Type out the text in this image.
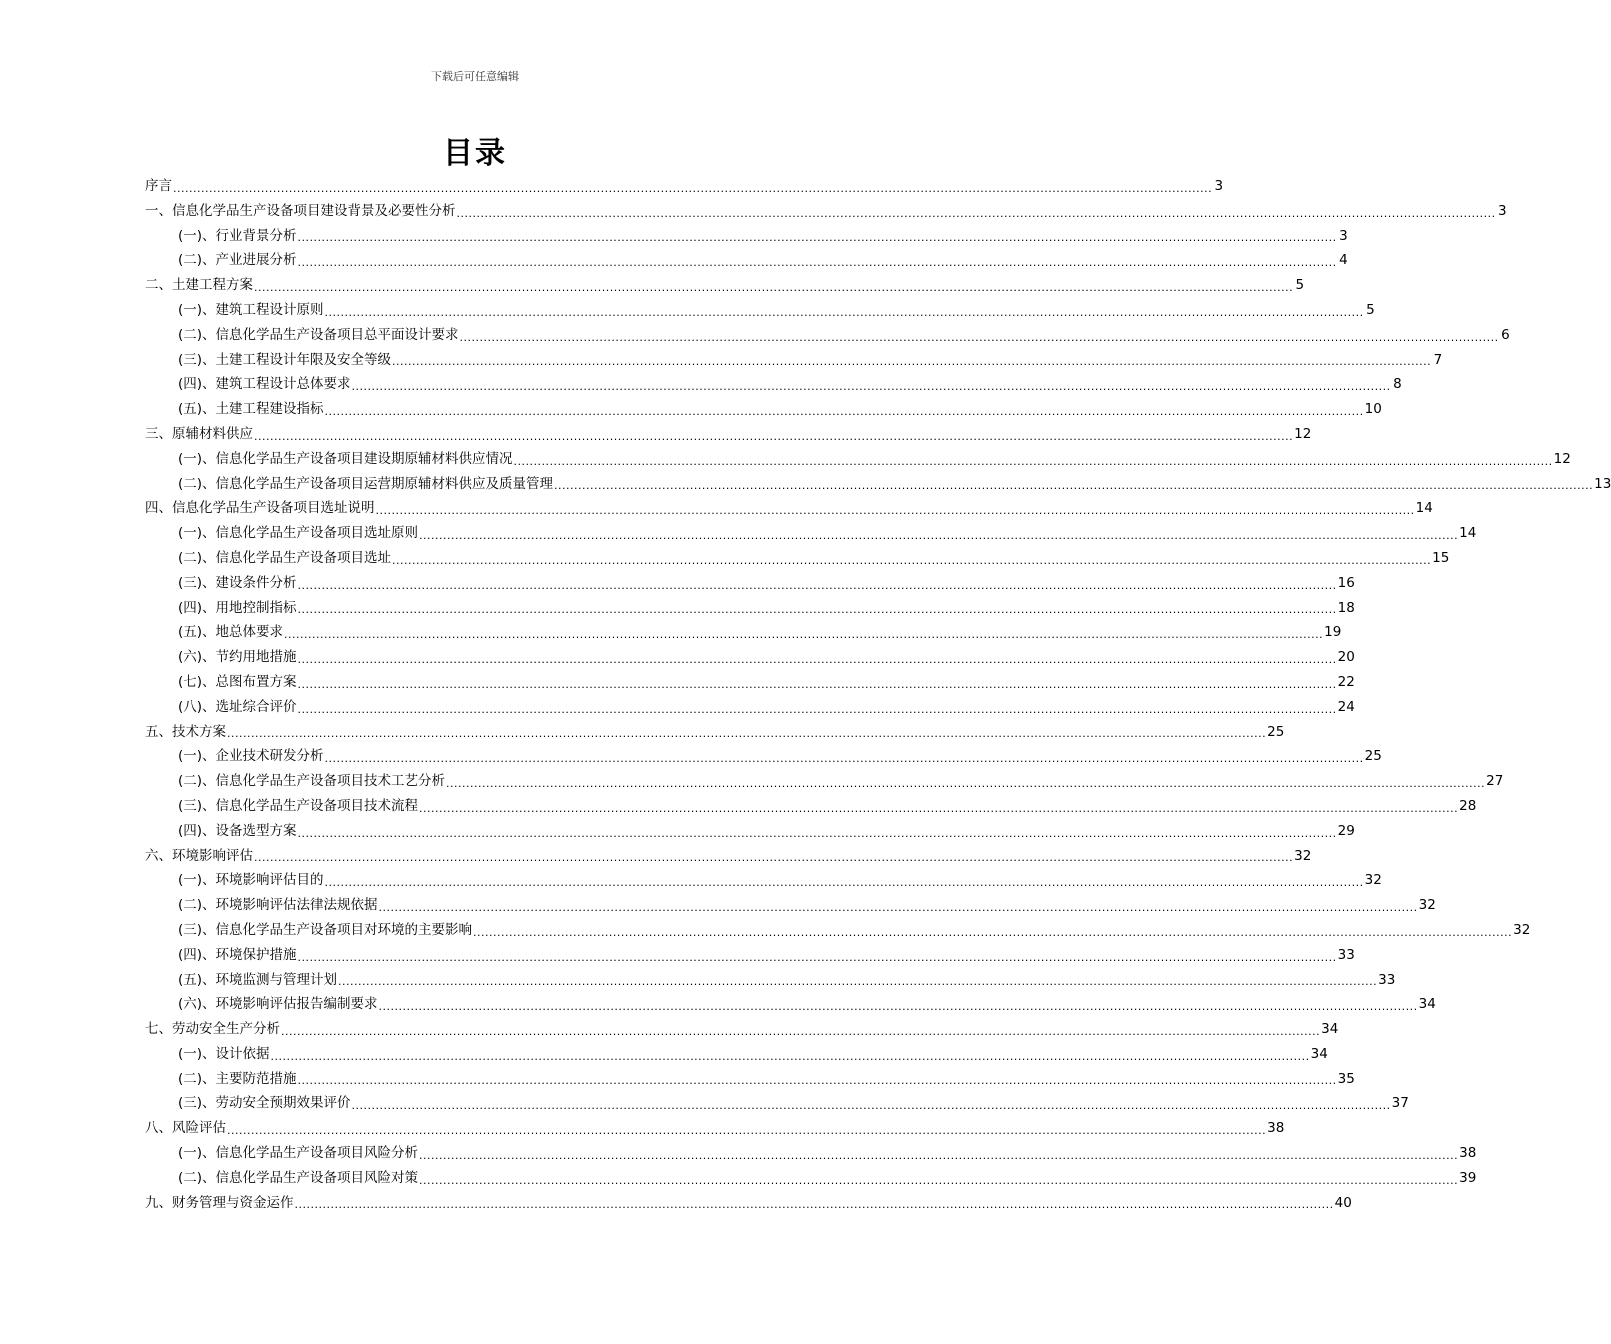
下载后可任意编辑
目录
序言 .................................................................................................................................................................................................................................................................... 3
一、信息化学品生产设备项目建设背景及必要性分析 .................................................................................................................................................................................................................................................................... 3
(一)、行业背景分析 .................................................................................................................................................................................................................................................................... 3
(二)、产业进展分析 .................................................................................................................................................................................................................................................................... 4
二、土建工程方案 .................................................................................................................................................................................................................................................................... 5
(一)、建筑工程设计原则 .................................................................................................................................................................................................................................................................... 5
(二)、信息化学品生产设备项目总平面设计要求 .................................................................................................................................................................................................................................................................... 6
(三)、土建工程设计年限及安全等级 .................................................................................................................................................................................................................................................................... 7
(四)、建筑工程设计总体要求 .................................................................................................................................................................................................................................................................... 8
(五)、土建工程建设指标 .................................................................................................................................................................................................................................................................... 10
三、原辅材料供应 .................................................................................................................................................................................................................................................................... 12
(一)、信息化学品生产设备项目建设期原辅材料供应情况 .................................................................................................................................................................................................................................................................... 12
(二)、信息化学品生产设备项目运营期原辅材料供应及质量管理 .................................................................................................................................................................................................................................................................... 13
四、信息化学品生产设备项目选址说明 .................................................................................................................................................................................................................................................................... 14
(一)、信息化学品生产设备项目选址原则 .................................................................................................................................................................................................................................................................... 14
(二)、信息化学品生产设备项目选址 .................................................................................................................................................................................................................................................................... 15
(三)、建设条件分析 .................................................................................................................................................................................................................................................................... 16
(四)、用地控制指标 .................................................................................................................................................................................................................................................................... 18
(五)、地总体要求 .................................................................................................................................................................................................................................................................... 19
(六)、节约用地措施 .................................................................................................................................................................................................................................................................... 20
(七)、总图布置方案 .................................................................................................................................................................................................................................................................... 22
(八)、选址综合评价 .................................................................................................................................................................................................................................................................... 24
五、技术方案 .................................................................................................................................................................................................................................................................... 25
(一)、企业技术研发分析 .................................................................................................................................................................................................................................................................... 25
(二)、信息化学品生产设备项目技术工艺分析 .................................................................................................................................................................................................................................................................... 27
(三)、信息化学品生产设备项目技术流程 .................................................................................................................................................................................................................................................................... 28
(四)、设备选型方案 .................................................................................................................................................................................................................................................................... 29
六、环境影响评估 .................................................................................................................................................................................................................................................................... 32
(一)、环境影响评估目的 .................................................................................................................................................................................................................................................................... 32
(二)、环境影响评估法律法规依据 .................................................................................................................................................................................................................................................................... 32
(三)、信息化学品生产设备项目对环境的主要影响 .................................................................................................................................................................................................................................................................... 32
(四)、环境保护措施 .................................................................................................................................................................................................................................................................... 33
(五)、环境监测与管理计划 .................................................................................................................................................................................................................................................................... 33
(六)、环境影响评估报告编制要求 .................................................................................................................................................................................................................................................................... 34
七、劳动安全生产分析 .................................................................................................................................................................................................................................................................... 34
(一)、设计依据 .................................................................................................................................................................................................................................................................... 34
(二)、主要防范措施 .................................................................................................................................................................................................................................................................... 35
(三)、劳动安全预期效果评价 .................................................................................................................................................................................................................................................................... 37
八、风险评估 .................................................................................................................................................................................................................................................................... 38
(一)、信息化学品生产设备项目风险分析 .................................................................................................................................................................................................................................................................... 38
(二)、信息化学品生产设备项目风险对策 .................................................................................................................................................................................................................................................................... 39
九、财务管理与资金运作 .................................................................................................................................................................................................................................................................... 40
